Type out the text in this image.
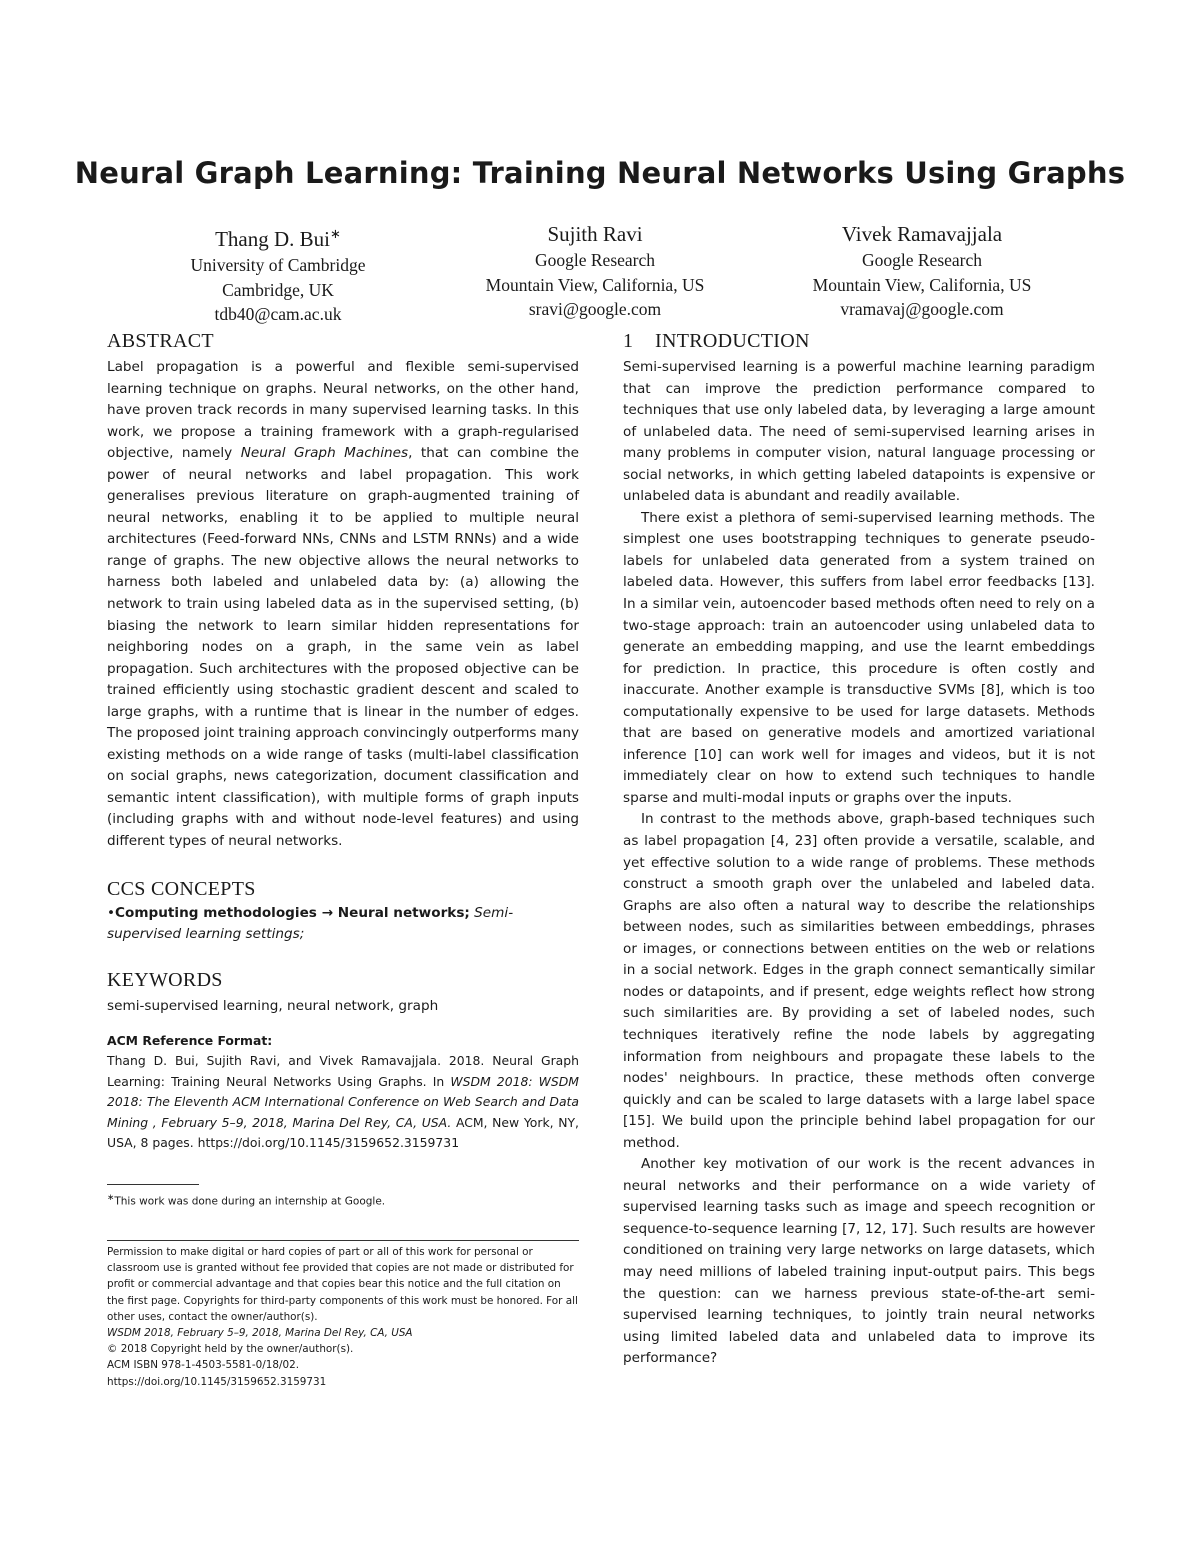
Neural Graph Learning: Training Neural Networks Using Graphs
Thang D. Bui∗
University of Cambridge
Cambridge, UK
tdb40@cam.ac.uk
Sujith Ravi
Google Research
Mountain View, California, US
sravi@google.com
Vivek Ramavajjala
Google Research
Mountain View, California, US
vramavaj@google.com
ABSTRACT

Label propagation is a powerful and flexible semi-supervised learning technique on graphs. Neural networks, on the other hand, have proven track records in many supervised learning tasks. In this work, we propose a training framework with a graph-regularised objective, namely Neural Graph Machines, that can combine the power of neural networks and label propagation. This work generalises previous literature on graph-augmented training of neural networks, enabling it to be applied to multiple neural architectures (Feed-forward NNs, CNNs and LSTM RNNs) and a wide range of graphs. The new objective allows the neural networks to harness both labeled and unlabeled data by: (a) allowing the network to train using labeled data as in the supervised setting, (b) biasing the network to learn similar hidden representations for neighboring nodes on a graph, in the same vein as label propagation. Such architectures with the proposed objective can be trained efficiently using stochastic gradient descent and scaled to large graphs, with a runtime that is linear in the number of edges. The proposed joint training approach convincingly outperforms many existing methods on a wide range of tasks (multi-label classification on social graphs, news categorization, document classification and semantic intent classification), with multiple forms of graph inputs (including graphs with and without node-level features) and using different types of neural networks.

CCS CONCEPTS

•Computing methodologies → Neural networks; Semi-supervised learning settings;

KEYWORDS

semi-supervised learning, neural network, graph

ACM Reference Format:

Thang D. Bui, Sujith Ravi, and Vivek Ramavajjala. 2018. Neural Graph Learning: Training Neural Networks Using Graphs. In WSDM 2018: WSDM 2018: The Eleventh ACM International Conference on Web Search and Data Mining , February 5–9, 2018, Marina Del Rey, CA, USA. ACM, New York, NY, USA, 8 pages. https://doi.org/10.1145/3159652.3159731

∗This work was done during an internship at Google.

Permission to make digital or hard copies of part or all of this work for personal or classroom use is granted without fee provided that copies are not made or distributed for profit or commercial advantage and that copies bear this notice and the full citation on the first page. Copyrights for third-party components of this work must be honored. For all other uses, contact the owner/author(s).

WSDM 2018, February 5–9, 2018, Marina Del Rey, CA, USA
© 2018 Copyright held by the owner/author(s).
ACM ISBN 978-1-4503-5581-0/18/02.
https://doi.org/10.1145/3159652.3159731
1 INTRODUCTION

Semi-supervised learning is a powerful machine learning paradigm that can improve the prediction performance compared to techniques that use only labeled data, by leveraging a large amount of unlabeled data. The need of semi-supervised learning arises in many problems in computer vision, natural language processing or social networks, in which getting labeled datapoints is expensive or unlabeled data is abundant and readily available.

There exist a plethora of semi-supervised learning methods. The simplest one uses bootstrapping techniques to generate pseudo-labels for unlabeled data generated from a system trained on labeled data. However, this suffers from label error feedbacks [13]. In a similar vein, autoencoder based methods often need to rely on a two-stage approach: train an autoencoder using unlabeled data to generate an embedding mapping, and use the learnt embeddings for prediction. In practice, this procedure is often costly and inaccurate. Another example is transductive SVMs [8], which is too computationally expensive to be used for large datasets. Methods that are based on generative models and amortized variational inference [10] can work well for images and videos, but it is not immediately clear on how to extend such techniques to handle sparse and multi-modal inputs or graphs over the inputs.

In contrast to the methods above, graph-based techniques such as label propagation [4, 23] often provide a versatile, scalable, and yet effective solution to a wide range of problems. These methods construct a smooth graph over the unlabeled and labeled data. Graphs are also often a natural way to describe the relationships between nodes, such as similarities between embeddings, phrases or images, or connections between entities on the web or relations in a social network. Edges in the graph connect semantically similar nodes or datapoints, and if present, edge weights reflect how strong such similarities are. By providing a set of labeled nodes, such techniques iteratively refine the node labels by aggregating information from neighbours and propagate these labels to the nodes' neighbours. In practice, these methods often converge quickly and can be scaled to large datasets with a large label space [15]. We build upon the principle behind label propagation for our method.

Another key motivation of our work is the recent advances in neural networks and their performance on a wide variety of supervised learning tasks such as image and speech recognition or sequence-to-sequence learning [7, 12, 17]. Such results are however conditioned on training very large networks on large datasets, which may need millions of labeled training input-output pairs. This begs the question: can we harness previous state-of-the-art semi-supervised learning techniques, to jointly train neural networks using limited labeled data and unlabeled data to improve its performance?
